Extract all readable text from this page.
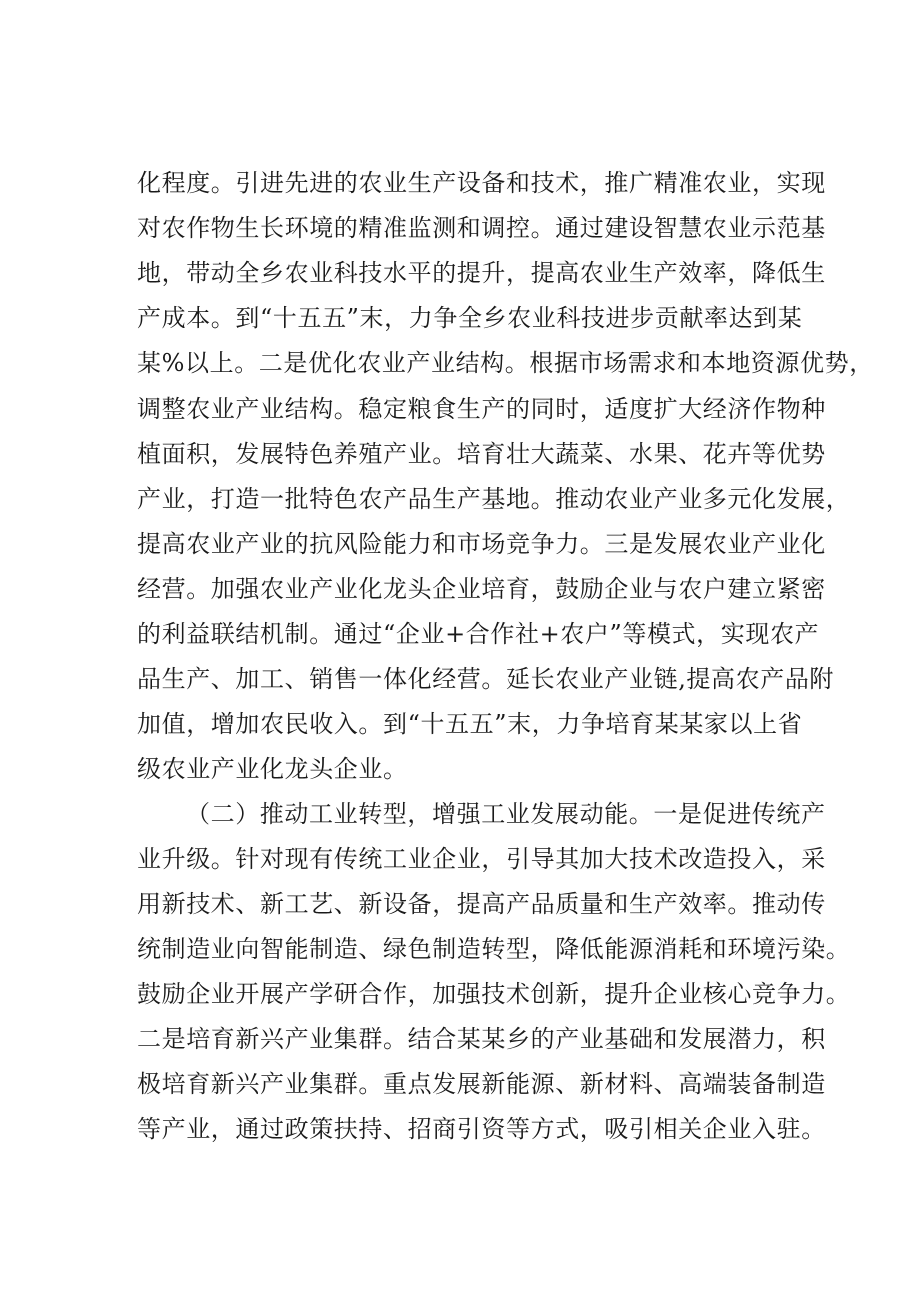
化程度。引进先进的农业生产设备和技术，推广精准农业，实现

对农作物生长环境的精准监测和调控。通过建设智慧农业示范基

地，带动全乡农业科技水平的提升，提高农业生产效率，降低生

产成本。到“十五五”末，力争全乡农业科技进步贡献率达到某

某%以上。二是优化农业产业结构。根据市场需求和本地资源优势，

调整农业产业结构。稳定粮食生产的同时，适度扩大经济作物种

植面积，发展特色养殖产业。培育壮大蔬菜、水果、花卉等优势

产业，打造一批特色农产品生产基地。推动农业产业多元化发展，

提高农业产业的抗风险能力和市场竞争力。三是发展农业产业化

经营。加强农业产业化龙头企业培育，鼓励企业与农户建立紧密

的利益联结机制。通过“企业+合作社+农户”等模式，实现农产

品生产、加工、销售一体化经营。延长农业产业链,提高农产品附

加值，增加农民收入。到“十五五”末，力争培育某某家以上省

级农业产业化龙头企业。

（二）推动工业转型，增强工业发展动能。一是促进传统产

业升级。针对现有传统工业企业，引导其加大技术改造投入，采

用新技术、新工艺、新设备，提高产品质量和生产效率。推动传

统制造业向智能制造、绿色制造转型，降低能源消耗和环境污染。

鼓励企业开展产学研合作，加强技术创新，提升企业核心竞争力。

二是培育新兴产业集群。结合某某乡的产业基础和发展潜力，积

极培育新兴产业集群。重点发展新能源、新材料、高端装备制造

等产业，通过政策扶持、招商引资等方式，吸引相关企业入驻。
